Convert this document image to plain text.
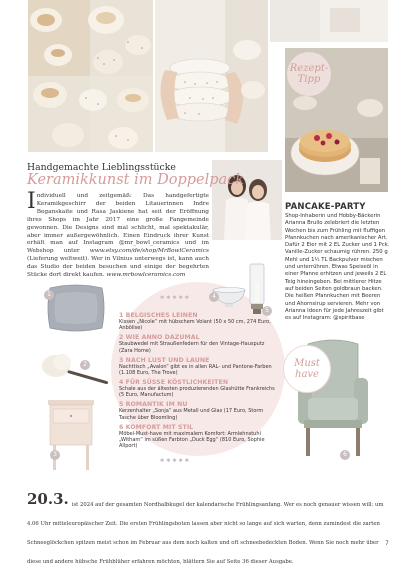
Rezept-
Tipp
Handgemachte Lieblingsstücke
Keramikkunst im Doppelpack
Individuell und zeitgemäß: Das handgefertigte Keramikgeschirr der beiden Litauerinnen Indre Beganskaite und Rasa Jaskiene hat seit der Eröffnung ihres Shops im Jahr 2017 eine große Fangemeinde gewonnen. Die Designs sind mal schlicht, mal spektakulär, aber immer außergewöhnlich. Einen Eindruck ihrer Kunst erhält man auf Instagram @mr_bowl_ceramics und im Webshop unter www.etsy.com/de/shop/MrBowlCeramics (Lieferung weltweit). Wer in Vilnius unterwegs ist, kann auch das Studio der beiden besuchen und einige der begehrten Stücke dort direkt kaufen. www.mrbowlceramics.com
PANCAKE-PARTY
Shop-Inhaberin und Hobby-Bäckerin Arianna Brullo zelebriert die letzten Wochen bis zum Frühling mit fluffigen Pfannkuchen nach amerikanischer Art. Dafür 2 Eier mit 2 EL Zucker und 1 Pck. Vanille-Zucker schaumig rühren. 250 g Mehl und 1½ TL Backpulver mischen und unterrühren. Etwas Speiseöl in einer Pfanne erhitzen und jeweils 2 EL Teig hineingeben. Bei mittlerer Hitze auf beiden Seiten goldbraun backen. Die heißen Pfannkuchen mit Beeren und Ahornsirup servieren. Mehr von Arianna Ideen für jede Jahreszeit gibt es auf Instagram: @spiritbase
✱✱✱✱✱
1 BELGISCHES LEINEN
Kissen „Nicole“ mit hübschem Volant (50 x 50 cm, 274 Euro, Anbölise)
2 WIE ANNO DAZUMAL
Staubwedel mit Straußenfedern für den Vintage-Hausputz (Zara Home)
3 NACH LUST UND LAUNE
Nachttisch „Avalon“ gibt es in allen RAL- und Pantone-Farben (1.108 Euro, The Trove)
4 FÜR SÜSSE KÖSTLICHKEITEN
Schale aus der ältesten produzierenden Glashütte Frankreichs (5 Euro, Manufactum)
5 ROMANTIK IM NU
Kerzenhalter „Sonja“ aus Metall und Glas (17 Euro, Storm Tasche über Bloomling)
6 KOMFORT MIT STIL
Möbel-Must-have mit maximalem Komfort: Armlehnstuhl „Witham“ im süßen Farbton „Duck Egg“ (810 Euro, Sophie Allport)
✱✱✱✱✱
1
2
3
4
5
6
Must
have
20.3. ist 2024 auf der gesamten Nordhalbkugel der kalendarische Frühlingsanfang. Wer es noch genauer wissen will: um 4.06 Uhr mitteleuropäischer Zeit. Die ersten Frühlingsboten lassen aber nicht so lange auf sich warten, denn zumindest die zarten Schneeglöckchen spitzen meist schon im Februar aus dem noch kalten und oft schneebedeckten Boden. Wenn Sie noch mehr über diese und andere hübsche Frühblüher erfahren möchten, blättern Sie auf Seite 36 dieser Ausgabe.
7
